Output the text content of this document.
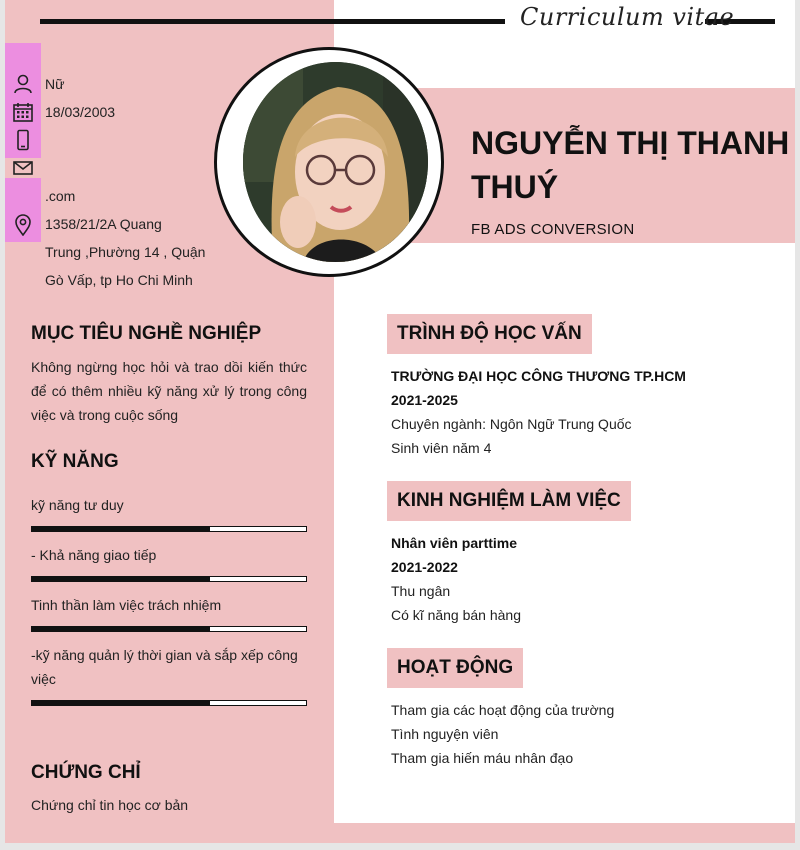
Curriculum vitae
Nữ
18/03/2003
.com
1358/21/2A Quang
Trung ,Phường 14 , Quận
Gò Vấp, tp Ho Chi Minh
NGUYỄN THỊ THANH THUÝ
FB ADS CONVERSION
MỤC TIÊU NGHỀ NGHIỆP
Không ngừng học hỏi và trao dồi kiến thức để có thêm nhiều kỹ năng xử lý trong công việc và trong cuộc sống
KỸ NĂNG
kỹ năng tư duy
- Khả năng giao tiếp
Tinh thần làm việc trách nhiệm
-kỹ năng quản lý thời gian và sắp xếp công việc
CHỨNG CHỈ
Chứng chỉ tin học cơ bản
TRÌNH ĐỘ HỌC VẤN
TRƯỜNG ĐẠI HỌC CÔNG THƯƠNG TP.HCM
2021-2025
Chuyên ngành: Ngôn Ngữ Trung Quốc
Sinh viên năm 4
KINH NGHIỆM LÀM VIỆC
Nhân viên parttime
2021-2022
Thu ngân
Có kĩ năng bán hàng
HOẠT ĐỘNG
Tham gia các hoạt động của trường
Tình nguyện viên
Tham gia hiến máu nhân đạo
